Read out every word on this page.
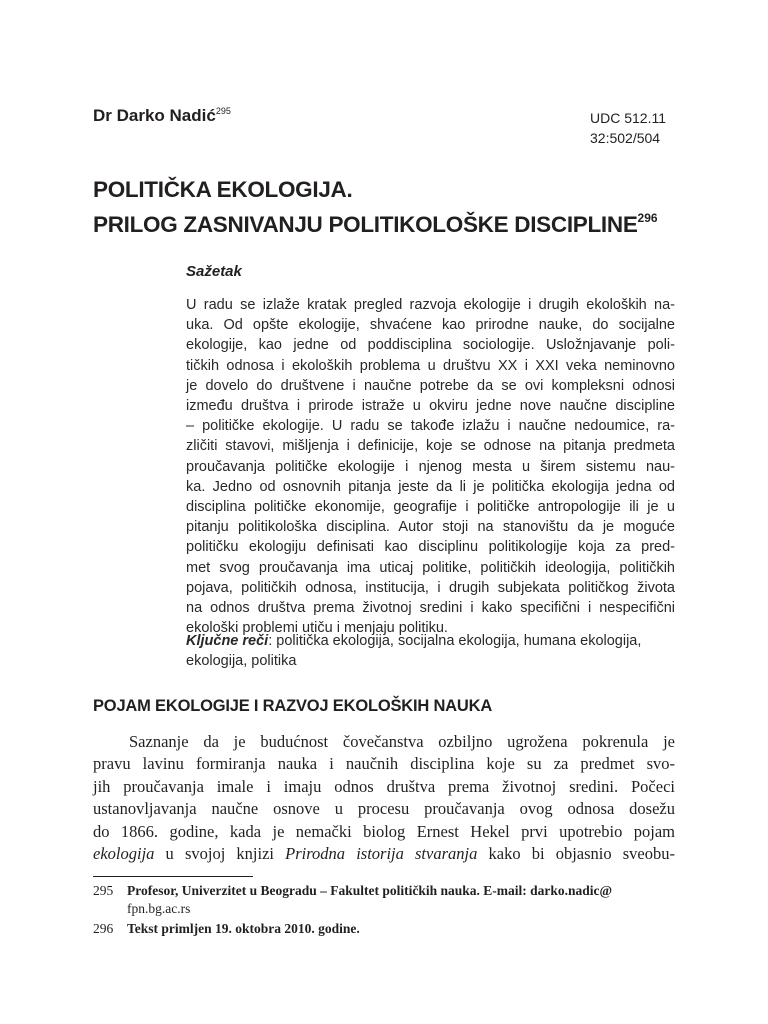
Dr Darko Nadić$^{295}$	UDC 512.11
32:502/504
POLITIČKA EKOLOGIJA.
PRILOG ZASNIVANJU POLITIKOLOŠKE DISCIPLINE$^{296}$
Sažetak
U radu se izlaže kratak pregled razvoja ekologije i drugih ekoloških na-
uka. Od opšte ekologije, shvaćene kao prirodne nauke, do socijalne
ekologije, kao jedne od poddisciplina sociologije. Usložnjavanje poli-
tičkih odnosa i ekoloških problema u društvu XX i XXI veka neminovno
je dovelo do društvene i naučne potrebe da se ovi kompleksni odnosi
između društva i prirode istraže u okviru jedne nove naučne discipline
– političke ekologije. U radu se takođe izlažu i naučne nedoumice, ra-
zličiti stavovi, mišljenja i definicije, koje se odnose na pitanja predmeta
proučavanja političke ekologije i njenog mesta u širem sistemu nau-
ka. Jedno od osnovnih pitanja jeste da li je politička ekologija jedna od
disciplina političke ekonomije, geografije i političke antropologije ili je u
pitanju politikološka disciplina. Autor stoji na stanovištu da je moguće
političku ekologiju definisati kao disciplinu politikologije koja za pred-
met svog proučavanja ima uticaj politike, političkih ideologija, političkih
pojava, političkih odnosa, institucija, i drugih subjekata političkog života
na odnos društva prema životnoj sredini i kako specifični i nespecifični
ekološki problemi utiču i menjaju politiku.
Ključne reči: politička ekologija, socijalna ekologija, humana ekologija,
ekologija, politika
POJAM EKOLOGIJE I RAZVOJ EKOLOŠKIH NAUKA
Saznanje da je budućnost čovečanstva ozbiljno ugrožena pokrenula je
pravu lavinu formiranja nauka i naučnih disciplina koje su za predmet svo-
jih proučavanja imale i imaju odnos društva prema životnoj sredini. Počeci
ustanovljavanja naučne osnove u procesu proučavanja ovog odnosa dosežu
do 1866. godine, kada je nemački biolog Ernest Hekel prvi upotrebio pojam
ekologija u svojoj knjizi Prirodna istorija stvaranja kako bi objasnio sveobu-
295 Profesor, Univerzitet u Beogradu – Fakultet političkih nauka. E-mail: darko.nadic@
fpn.bg.ac.rs
296 Tekst primljen 19. oktobra 2010. godine.
